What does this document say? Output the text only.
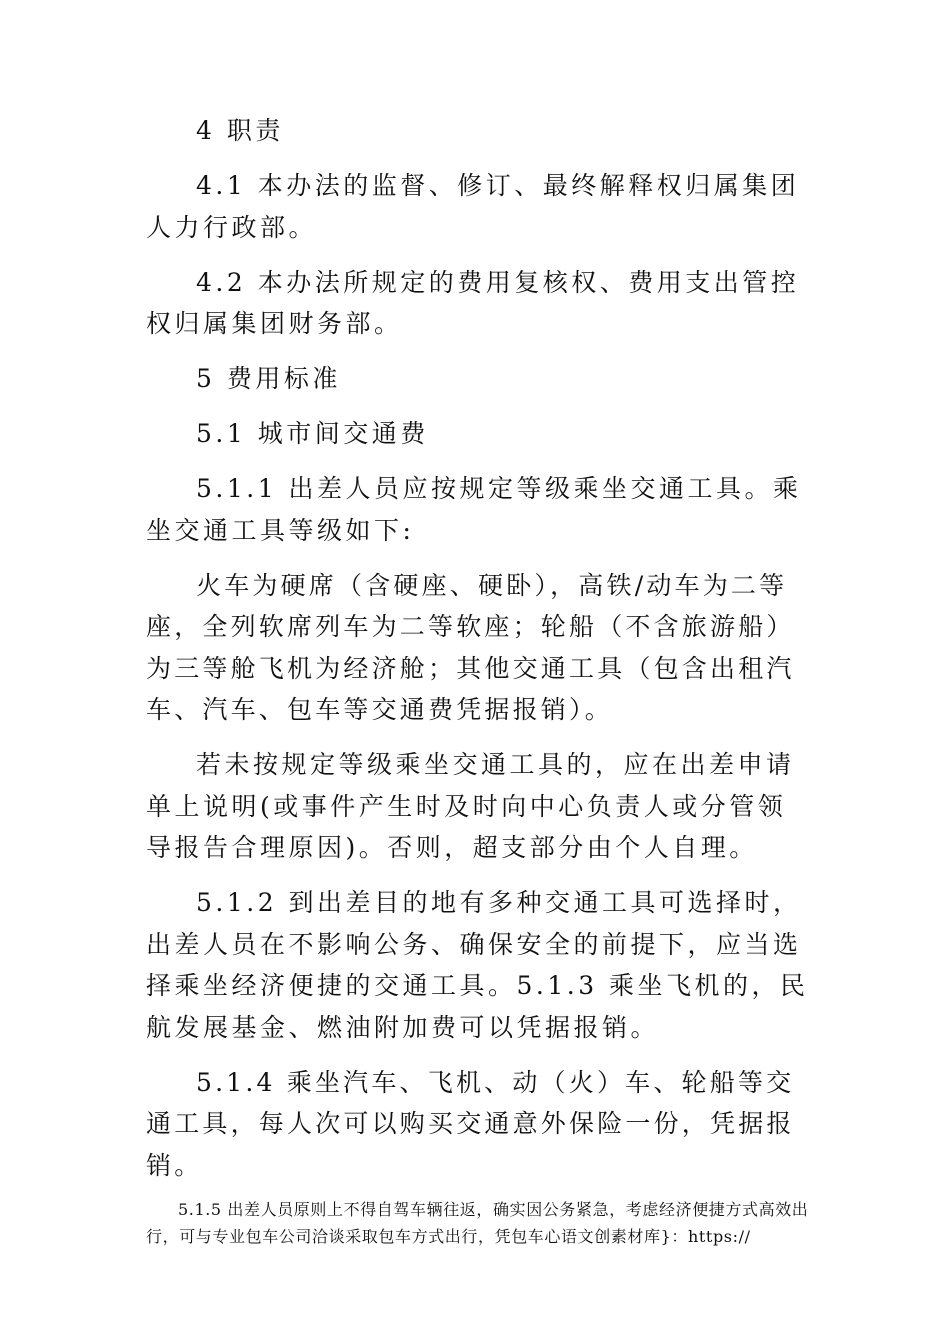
4 职责

4.1 本办法的监督、修订、最终解释权归属集团人力行政部。

4.2 本办法所规定的费用复核权、费用支出管控权归属集团财务部。

5 费用标准

5.1 城市间交通费

5.1.1 出差人员应按规定等级乘坐交通工具。乘坐交通工具等级如下:

火车为硬席（含硬座、硬卧），高铁/动车为二等座，全列软席列车为二等软座；轮船（不含旅游船）为三等舱飞机为经济舱；其他交通工具（包含出租汽车、汽车、包车等交通费凭据报销）。

若未按规定等级乘坐交通工具的，应在出差申请单上说明(或事件产生时及时向中心负责人或分管领导报告合理原因)。否则，超支部分由个人自理。

5.1.2 到出差目的地有多种交通工具可选择时，出差人员在不影响公务、确保安全的前提下，应当选择乘坐经济便捷的交通工具。5.1.3 乘坐飞机的，民航发展基金、燃油附加费可以凭据报销。

5.1.4 乘坐汽车、飞机、动（火）车、轮船等交通工具，每人次可以购买交通意外保险一份，凭据报销。

5.1.5 出差人员原则上不得自驾车辆往返，确实因公务紧急，考虑经济便捷方式高效出行，可与专业包车公司洽谈采取包车方式出行，凭包车心语文创素材库}：https://
